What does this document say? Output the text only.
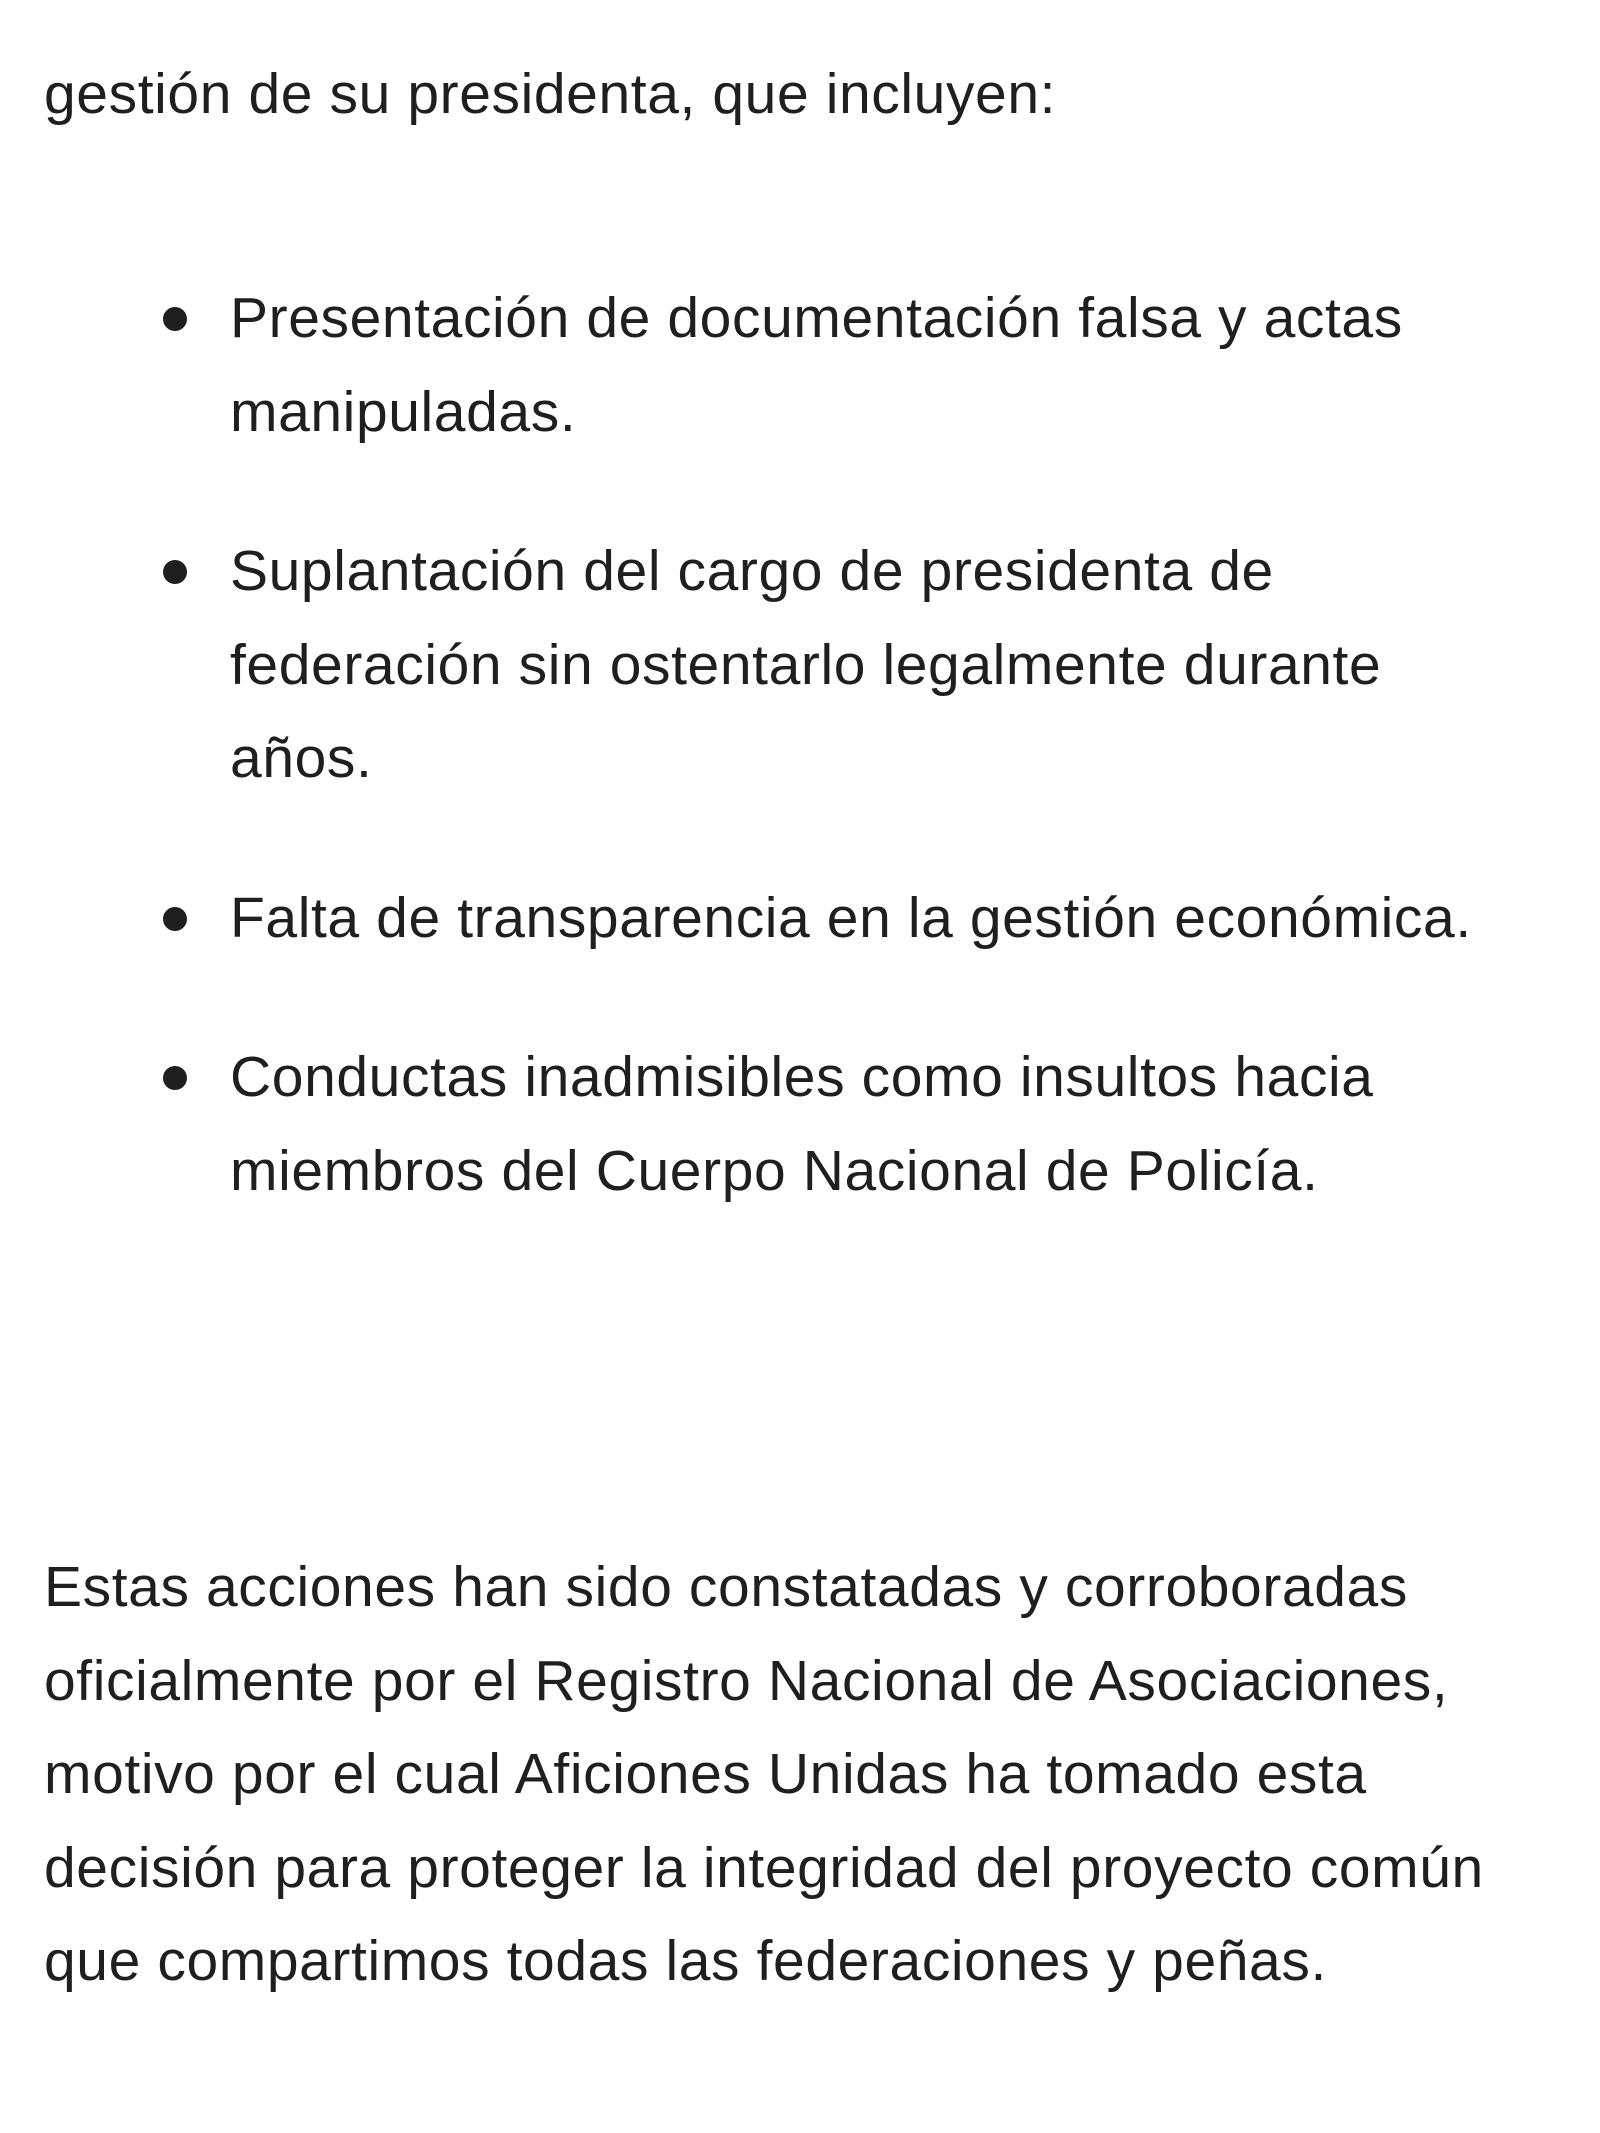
gestión de su presidenta, que incluyen:

Presentación de documentación falsa y actas manipuladas.
Suplantación del cargo de presidenta de federación sin ostentarlo legalmente durante años.
Falta de transparencia en la gestión económica.
Conductas inadmisibles como insultos hacia miembros del Cuerpo Nacional de Policía.

Estas acciones han sido constatadas y corroboradas oficialmente por el Registro Nacional de Asociaciones, motivo por el cual Aficiones Unidas ha tomado esta decisión para proteger la integridad del proyecto común que compartimos todas las federaciones y peñas.
